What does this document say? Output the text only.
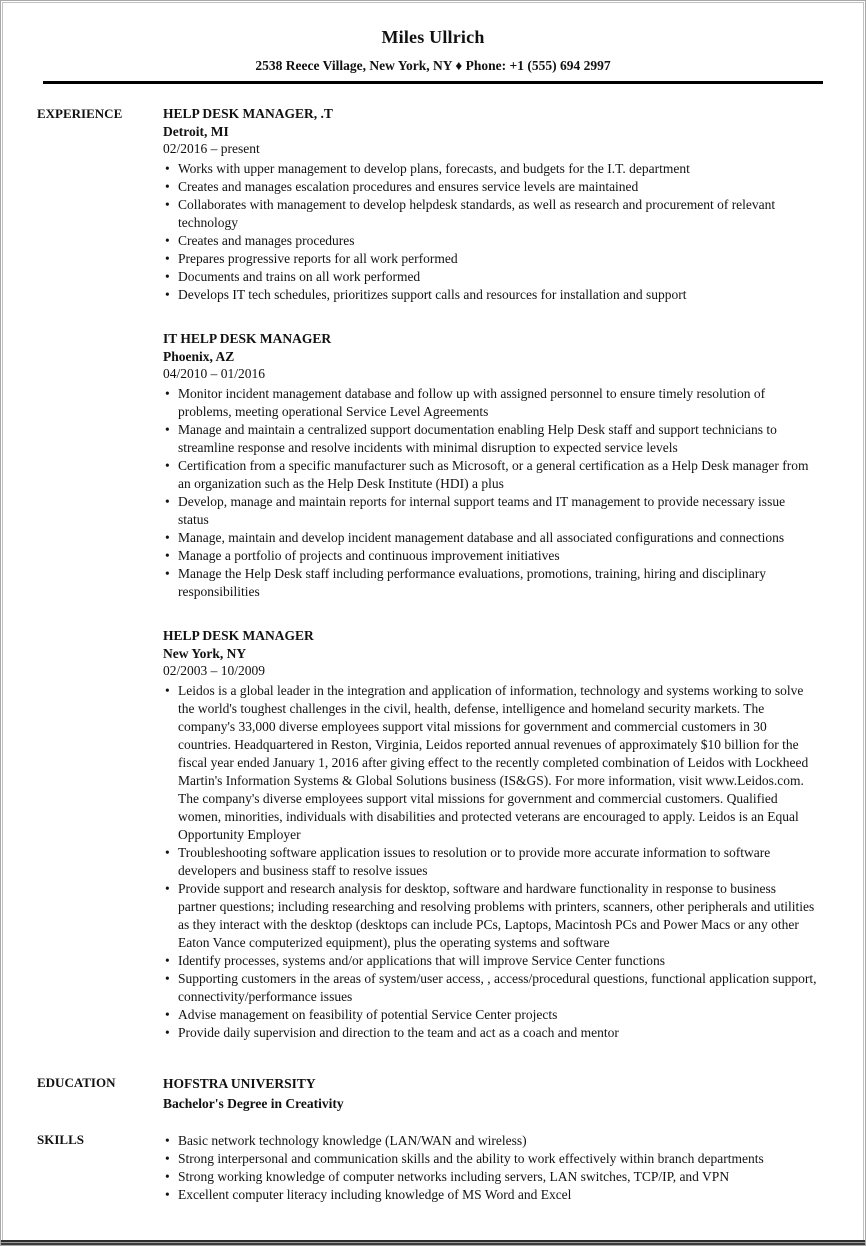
Miles Ullrich
2538 Reece Village, New York, NY ♦ Phone: +1 (555) 694 2997
EXPERIENCE	HELP DESK MANAGER, .T
Detroit, MI
02/2016 – present
• Works with upper management to develop plans, forecasts, and budgets for the I.T. department
• Creates and manages escalation procedures and ensures service levels are maintained
• Collaborates with management to develop helpdesk standards, as well as research and procurement of relevant technology
• Creates and manages procedures
• Prepares progressive reports for all work performed
• Documents and trains on all work performed
• Develops IT tech schedules, prioritizes support calls and resources for installation and support
IT HELP DESK MANAGER
Phoenix, AZ
04/2010 – 01/2016
• Monitor incident management database and follow up with assigned personnel to ensure timely resolution of problems, meeting operational Service Level Agreements
• Manage and maintain a centralized support documentation enabling Help Desk staff and support technicians to streamline response and resolve incidents with minimal disruption to expected service levels
• Certification from a specific manufacturer such as Microsoft, or a general certification as a Help Desk manager from an organization such as the Help Desk Institute (HDI) a plus
• Develop, manage and maintain reports for internal support teams and IT management to provide necessary issue status
• Manage, maintain and develop incident management database and all associated configurations and connections
• Manage a portfolio of projects and continuous improvement initiatives
• Manage the Help Desk staff including performance evaluations, promotions, training, hiring and disciplinary responsibilities
HELP DESK MANAGER
New York, NY
02/2003 – 10/2009
• Leidos is a global leader in the integration and application of information, technology and systems working to solve the world's toughest challenges in the civil, health, defense, intelligence and homeland security markets. The company's 33,000 diverse employees support vital missions for government and commercial customers in 30 countries. Headquartered in Reston, Virginia, Leidos reported annual revenues of approximately $10 billion for the fiscal year ended January 1, 2016 after giving effect to the recently completed combination of Leidos with Lockheed Martin's Information Systems & Global Solutions business (IS&GS). For more information, visit www.Leidos.com. The company's diverse employees support vital missions for government and commercial customers. Qualified women, minorities, individuals with disabilities and protected veterans are encouraged to apply. Leidos is an Equal Opportunity Employer
• Troubleshooting software application issues to resolution or to provide more accurate information to software developers and business staff to resolve issues
• Provide support and research analysis for desktop, software and hardware functionality in response to business partner questions; including researching and resolving problems with printers, scanners, other peripherals and utilities as they interact with the desktop (desktops can include PCs, Laptops, Macintosh PCs and Power Macs or any other Eaton Vance computerized equipment), plus the operating systems and software
• Identify processes, systems and/or applications that will improve Service Center functions
• Supporting customers in the areas of system/user access, , access/procedural questions, functional application support, connectivity/performance issues
• Advise management on feasibility of potential Service Center projects
• Provide daily supervision and direction to the team and act as a coach and mentor
EDUCATION	HOFSTRA UNIVERSITY
Bachelor's Degree in Creativity
SKILLS	• Basic network technology knowledge (LAN/WAN and wireless)
• Strong interpersonal and communication skills and the ability to work effectively within branch departments
• Strong working knowledge of computer networks including servers, LAN switches, TCP/IP, and VPN
• Excellent computer literacy including knowledge of MS Word and Excel
